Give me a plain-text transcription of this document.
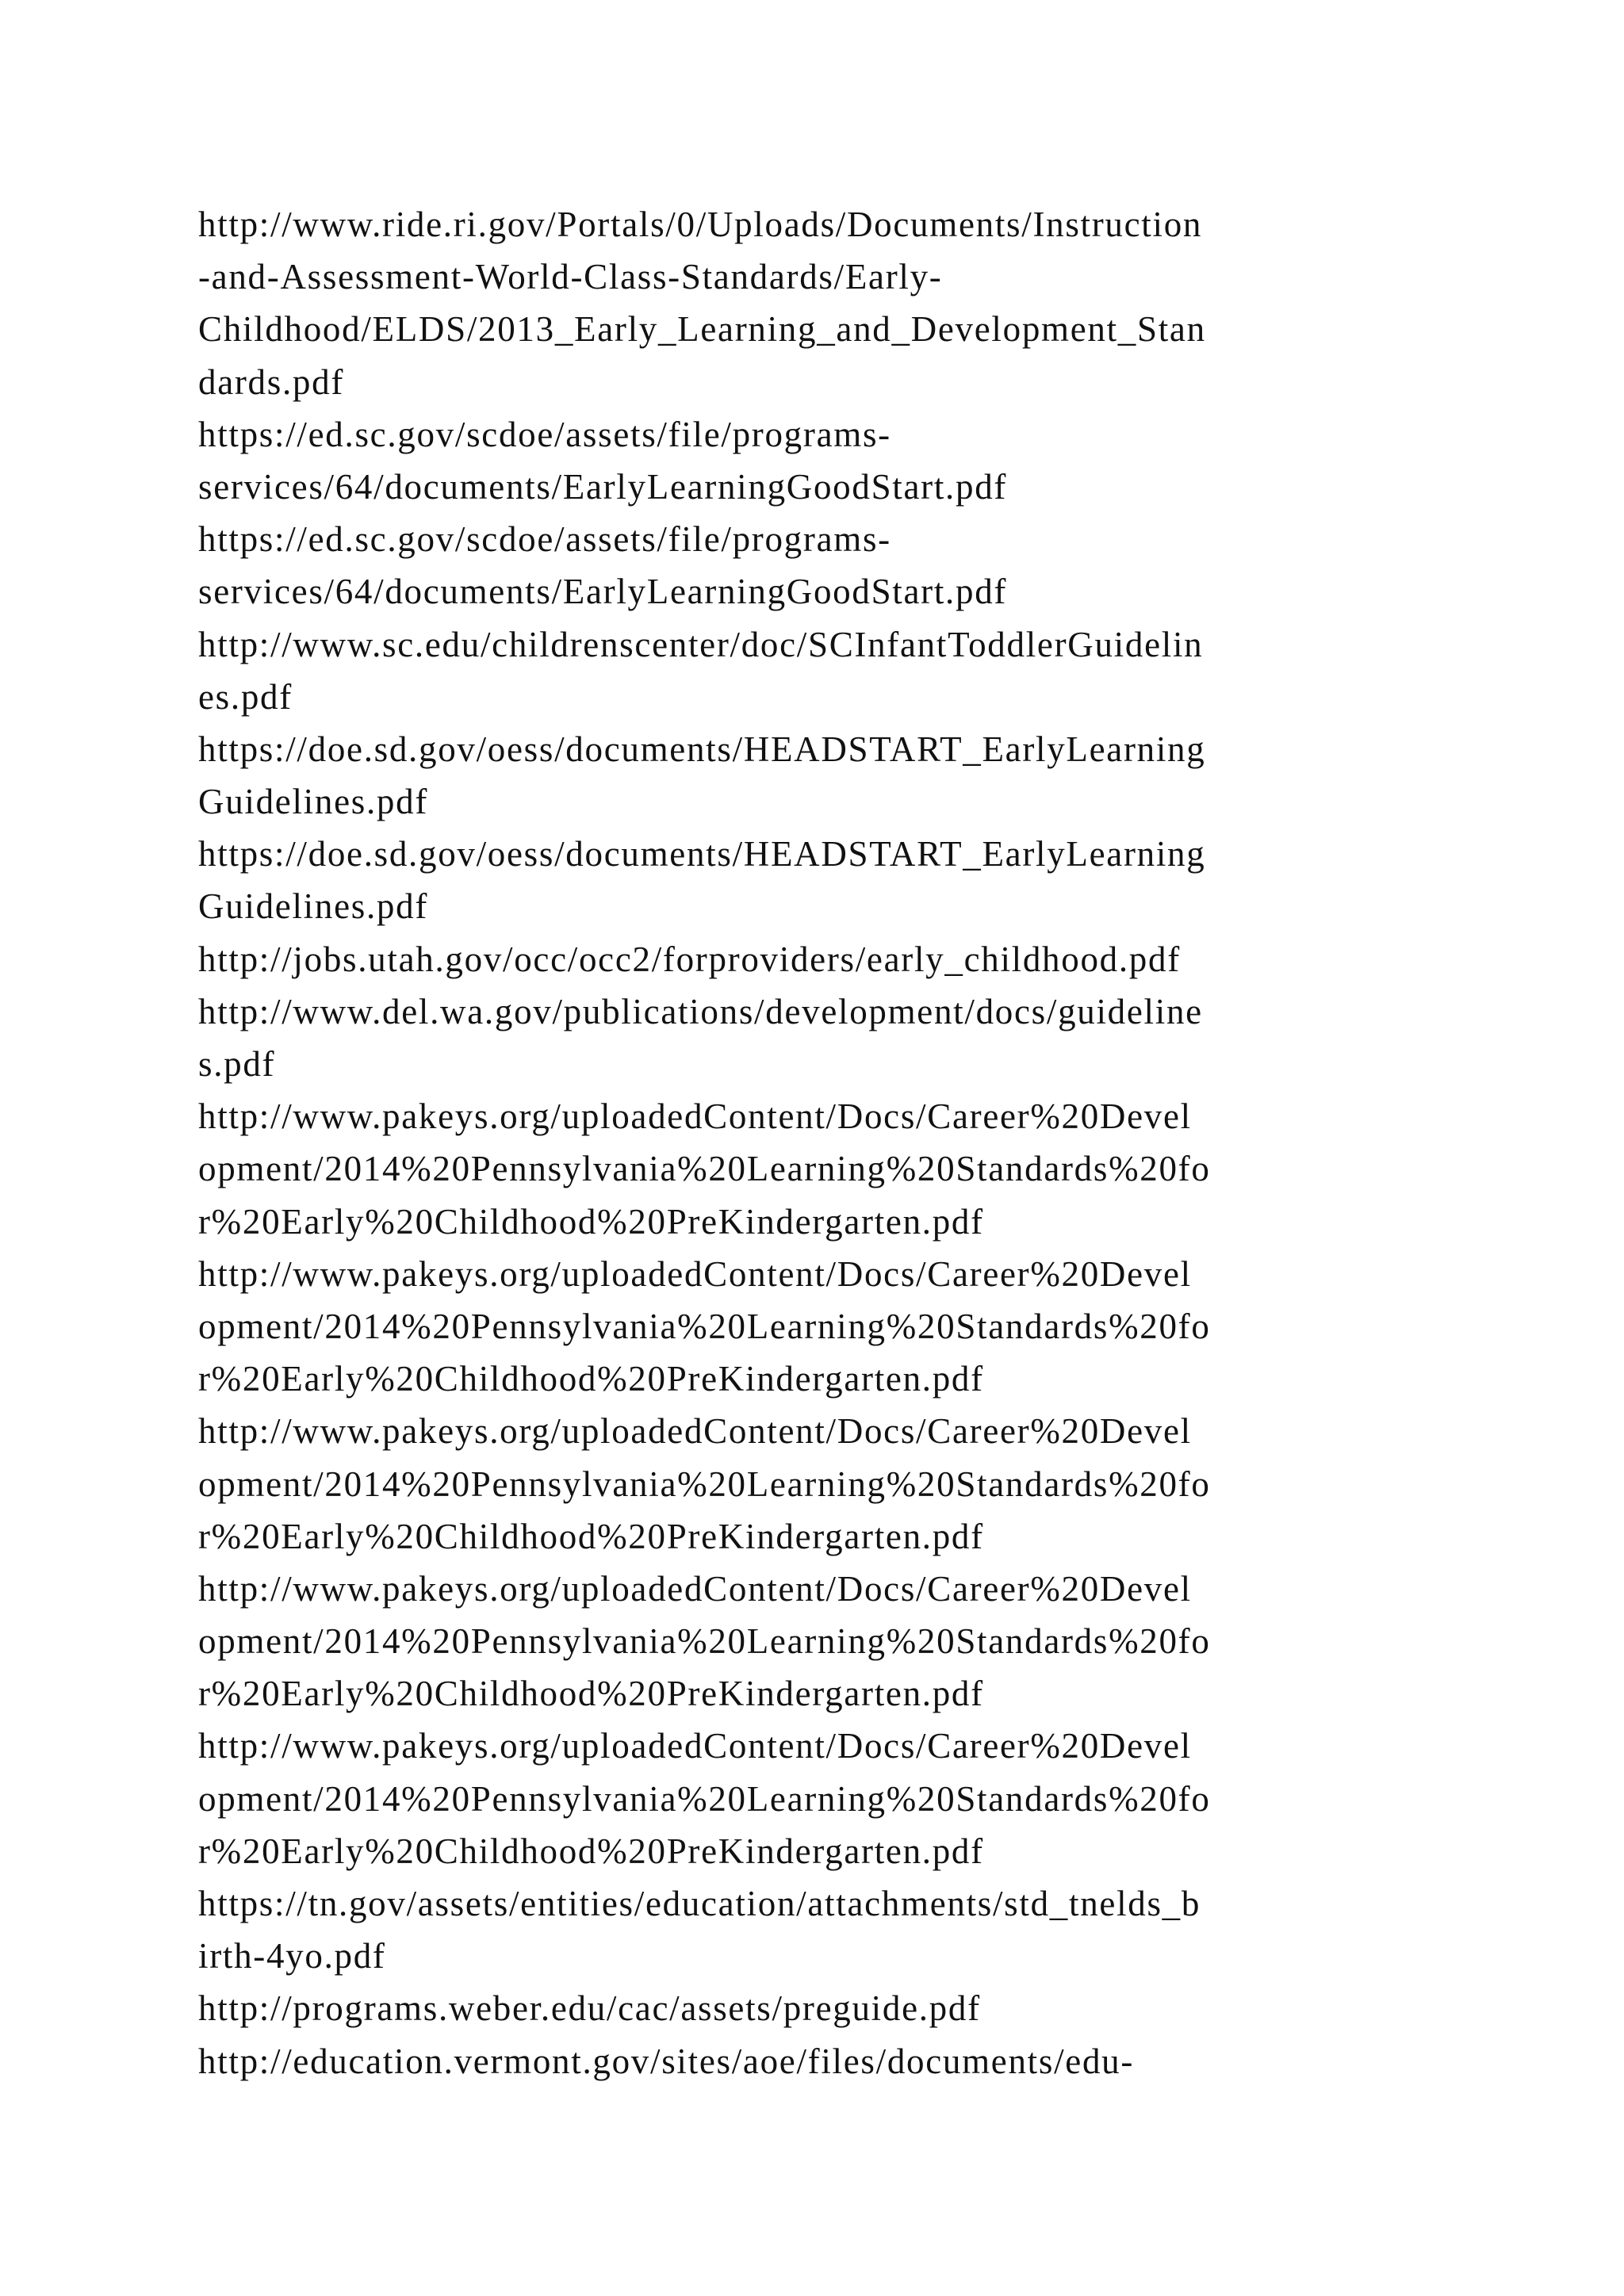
http://www.ride.ri.gov/Portals/0/Uploads/Documents/Instruction
-and-Assessment-World-Class-Standards/Early-
Childhood/ELDS/2013_Early_Learning_and_Development_Stan
dards.pdf
https://ed.sc.gov/scdoe/assets/file/programs-
services/64/documents/EarlyLearningGoodStart.pdf
https://ed.sc.gov/scdoe/assets/file/programs-
services/64/documents/EarlyLearningGoodStart.pdf
http://www.sc.edu/childrenscenter/doc/SCInfantToddlerGuidelin
es.pdf
https://doe.sd.gov/oess/documents/HEADSTART_EarlyLearning
Guidelines.pdf
https://doe.sd.gov/oess/documents/HEADSTART_EarlyLearning
Guidelines.pdf
http://jobs.utah.gov/occ/occ2/forproviders/early_childhood.pdf
http://www.del.wa.gov/publications/development/docs/guideline
s.pdf
http://www.pakeys.org/uploadedContent/Docs/Career%20Devel
opment/2014%20Pennsylvania%20Learning%20Standards%20fo
r%20Early%20Childhood%20PreKindergarten.pdf
http://www.pakeys.org/uploadedContent/Docs/Career%20Devel
opment/2014%20Pennsylvania%20Learning%20Standards%20fo
r%20Early%20Childhood%20PreKindergarten.pdf
http://www.pakeys.org/uploadedContent/Docs/Career%20Devel
opment/2014%20Pennsylvania%20Learning%20Standards%20fo
r%20Early%20Childhood%20PreKindergarten.pdf
http://www.pakeys.org/uploadedContent/Docs/Career%20Devel
opment/2014%20Pennsylvania%20Learning%20Standards%20fo
r%20Early%20Childhood%20PreKindergarten.pdf
http://www.pakeys.org/uploadedContent/Docs/Career%20Devel
opment/2014%20Pennsylvania%20Learning%20Standards%20fo
r%20Early%20Childhood%20PreKindergarten.pdf
https://tn.gov/assets/entities/education/attachments/std_tnelds_b
irth-4yo.pdf
http://programs.weber.edu/cac/assets/preguide.pdf
http://education.vermont.gov/sites/aoe/files/documents/edu-
